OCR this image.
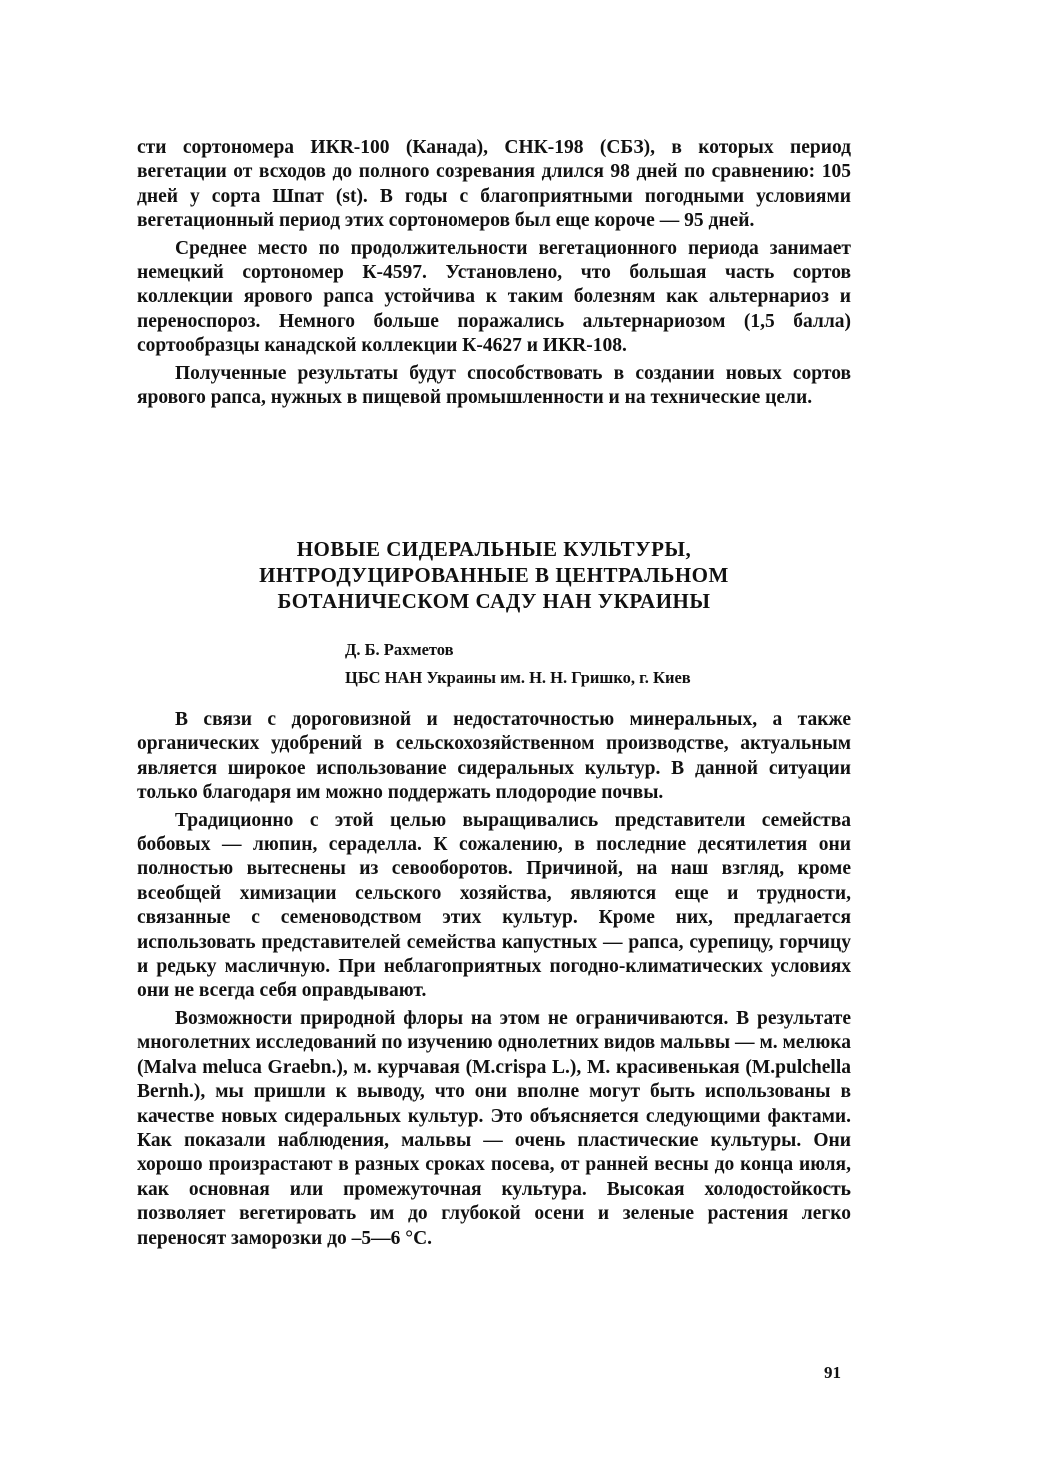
сти сортономера ИКR-100 (Канада), СНК-198 (СБЗ), в которых период вегетации от всходов до полного созревания длился 98 дней по сравнению: 105 дней у сорта Шпат (st). В годы с благоприятными погодными условиями вегетационный период этих сортономеров был еще короче — 95 дней.

Среднее место по продолжительности вегетационного периода занимает немецкий сортономер К-4597. Установлено, что большая часть сортов коллекции ярового рапса устойчива к таким болезням как альтернариоз и переноспороз. Немного больше поражались альтернариозом (1,5 балла) сортообразцы канадской коллекции К-4627 и ИКR-108.

Полученные результаты будут способствовать в создании новых сортов ярового рапса, нужных в пищевой промышленности и на технические цели.

НОВЫЕ СИДЕРАЛЬНЫЕ КУЛЬТУРЫ,
ИНТРОДУЦИРОВАННЫЕ В ЦЕНТРАЛЬНОМ
БОТАНИЧЕСКОМ САДУ НАН УКРАИНЫ
Д. Б. Рахметов
ЦБС НАН Украины им. Н. Н. Гришко, г. Киев

В связи с дороговизной и недостаточностью минеральных, а также органических удобрений в сельскохозяйственном производстве, актуальным является широкое использование сидеральных культур. В данной ситуации только благодаря им можно поддержать плодородие почвы.

Традиционно с этой целью выращивались представители семейства бобовых — люпин, сераделла. К сожалению, в последние десятилетия они полностью вытеснены из севооборотов. Причиной, на наш взгляд, кроме всеобщей химизации сельского хозяйства, являются еще и трудности, связанные с семеноводством этих культур. Кроме них, предлагается использовать представителей семейства капустных — рапса, сурепицу, горчицу и редьку масличную. При неблагоприятных погодно-климатических условиях они не всегда себя оправдывают.

Возможности природной флоры на этом не ограничиваются. В результате многолетних исследований по изучению однолетних видов мальвы — м. мелюка (Malva meluca Graebn.), м. курчавая (M.crispa L.), М. красивенькая (M.pulchella Bernh.), мы пришли к выводу, что они вполне могут быть использованы в качестве новых сидеральных культур. Это объясняется следующими фактами. Как показали наблюдения, мальвы — очень пластические культуры. Они хорошо произрастают в разных сроках посева, от ранней весны до конца июля, как основная или промежуточная культура. Высокая холодостойкость позволяет вегетировать им до глубокой осени и зеленые растения легко переносят заморозки до –5—6 °С.

91
